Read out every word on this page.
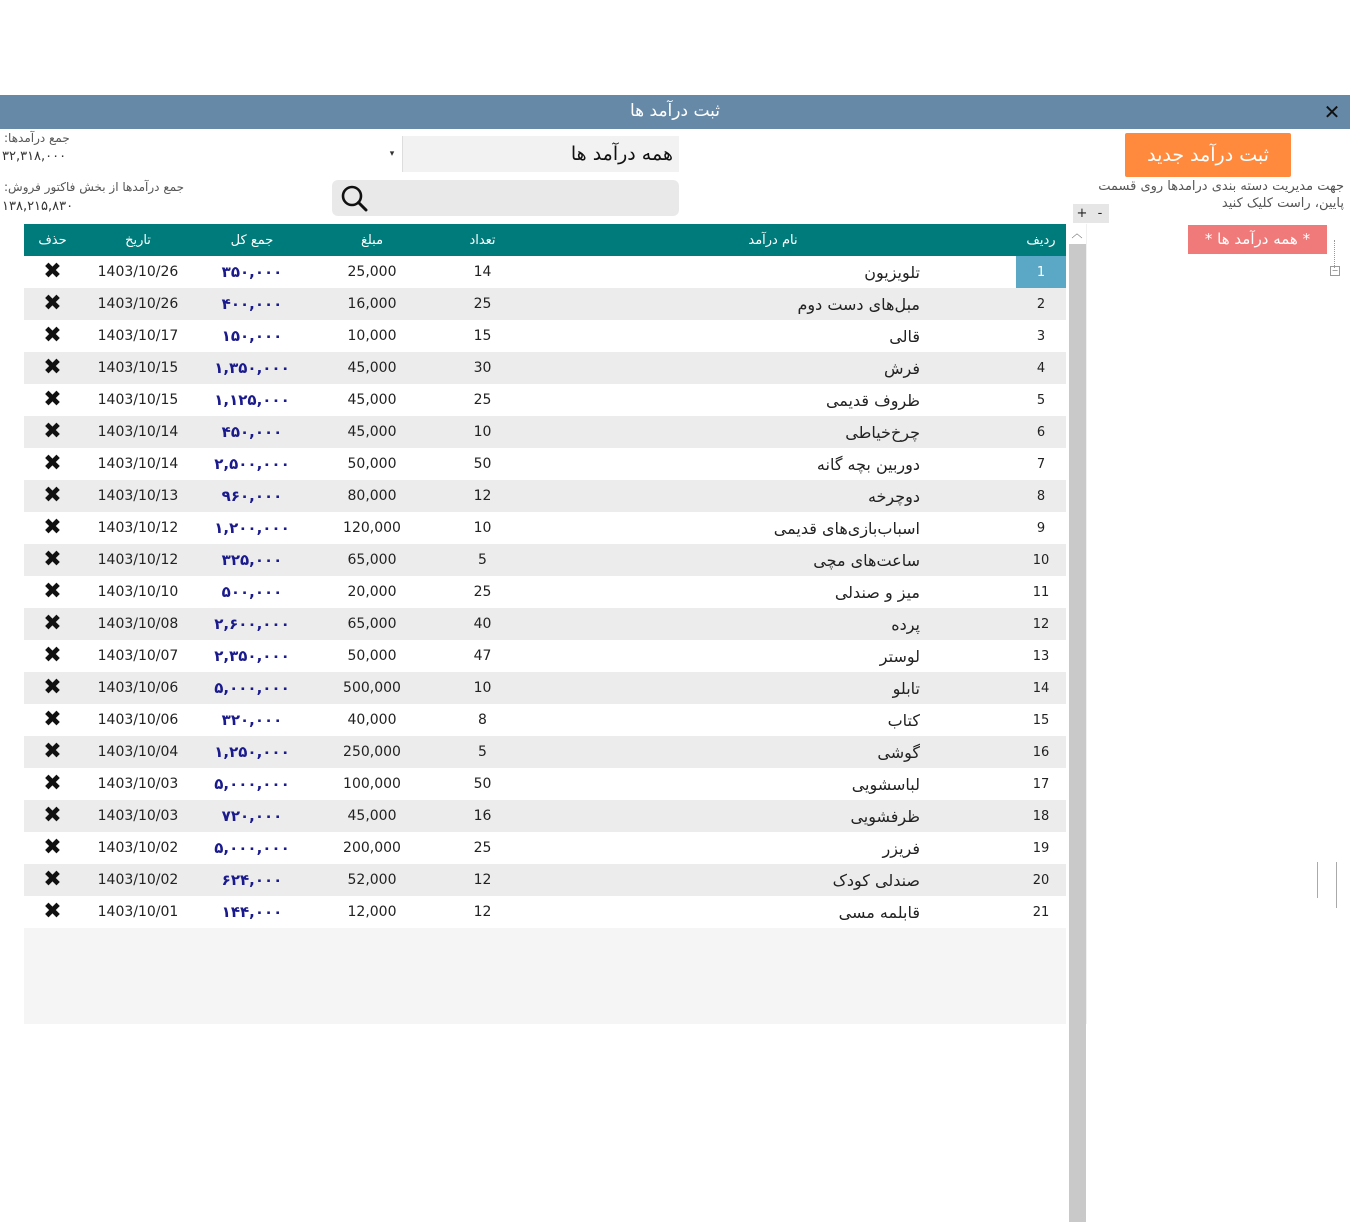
ثبت درآمد ها	✕
جمع درآمدها:
۳۲,۳۱۸,۰۰۰
جمع درآمدها از بخش فاکتور فروش:
۱۳۸,۲۱۵,۸۳۰
▾	همه درآمد ها	ثبت درآمد جدید
جهت مدیریت دسته بندی درامدها روی قسمت پایین، راست کلیک کنید
+ -
* همه درآمد ها *
−
حذف	تاریخ	جمع کل	مبلغ	تعداد	نام درآمد	ردیف
✖	1403/10/26	۳۵۰,۰۰۰	25,000	14	تلویزیون	1
✖	1403/10/26	۴۰۰,۰۰۰	16,000	25	مبل‌های دست دوم	2
✖	1403/10/17	۱۵۰,۰۰۰	10,000	15	قالی	3
✖	1403/10/15	۱,۳۵۰,۰۰۰	45,000	30	فرش	4
✖	1403/10/15	۱,۱۲۵,۰۰۰	45,000	25	ظروف قدیمی	5
✖	1403/10/14	۴۵۰,۰۰۰	45,000	10	چرخ‌خیاطی	6
✖	1403/10/14	۲,۵۰۰,۰۰۰	50,000	50	دوربین بچه گانه	7
✖	1403/10/13	۹۶۰,۰۰۰	80,000	12	دوچرخه	8
✖	1403/10/12	۱,۲۰۰,۰۰۰	120,000	10	اسباب‌بازی‌های قدیمی	9
✖	1403/10/12	۳۲۵,۰۰۰	65,000	5	ساعت‌های مچی	10
✖	1403/10/10	۵۰۰,۰۰۰	20,000	25	میز و صندلی	11
✖	1403/10/08	۲,۶۰۰,۰۰۰	65,000	40	پرده	12
✖	1403/10/07	۲,۳۵۰,۰۰۰	50,000	47	لوستر	13
✖	1403/10/06	۵,۰۰۰,۰۰۰	500,000	10	تابلو	14
✖	1403/10/06	۳۲۰,۰۰۰	40,000	8	کتاب	15
✖	1403/10/04	۱,۲۵۰,۰۰۰	250,000	5	گوشی	16
✖	1403/10/03	۵,۰۰۰,۰۰۰	100,000	50	لباسشویی	17
✖	1403/10/03	۷۲۰,۰۰۰	45,000	16	ظرفشویی	18
✖	1403/10/02	۵,۰۰۰,۰۰۰	200,000	25	فریزر	19
✖	1403/10/02	۶۲۴,۰۰۰	52,000	12	صندلی کودک	20
✖	1403/10/01	۱۴۴,۰۰۰	12,000	12	قابلمه مسی	21
︿
